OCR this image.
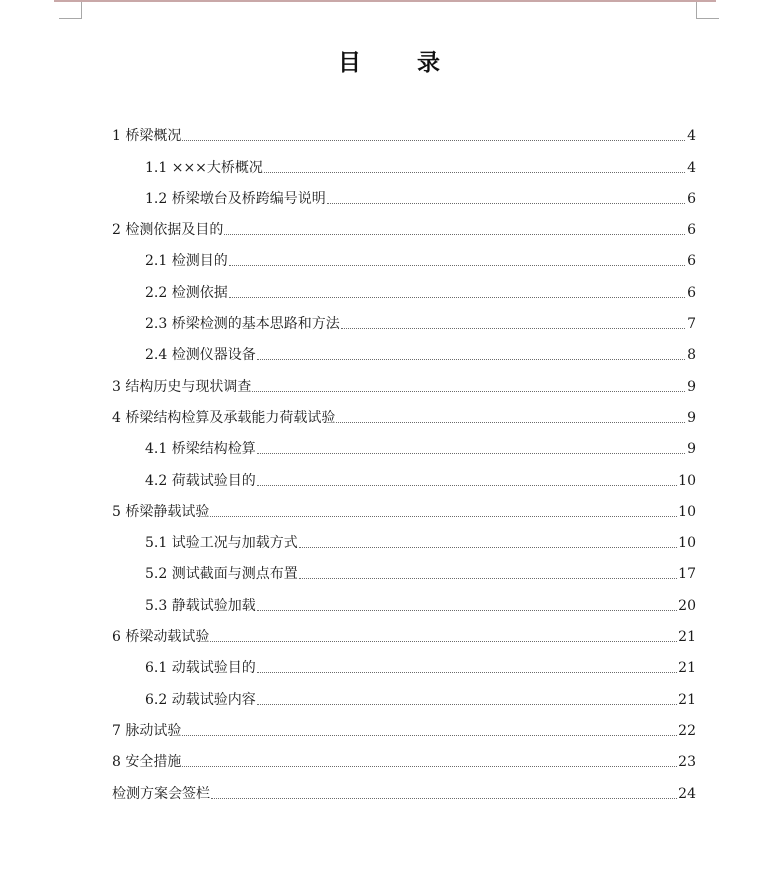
目 录
1 桥梁概况	4
1.1 ×××大桥概况	4
1.2 桥梁墩台及桥跨编号说明	6
2 检测依据及目的	6
2.1 检测目的	6
2.2 检测依据	6
2.3 桥梁检测的基本思路和方法	7
2.4 检测仪器设备	8
3 结构历史与现状调查	9
4 桥梁结构检算及承载能力荷载试验	9
4.1 桥梁结构检算	9
4.2 荷载试验目的	10
5 桥梁静载试验	10
5.1 试验工况与加载方式	10
5.2 测试截面与测点布置	17
5.3 静载试验加载	20
6 桥梁动载试验	21
6.1 动载试验目的	21
6.2 动载试验内容	21
7 脉动试验	22
8 安全措施	23
检测方案会签栏	24
